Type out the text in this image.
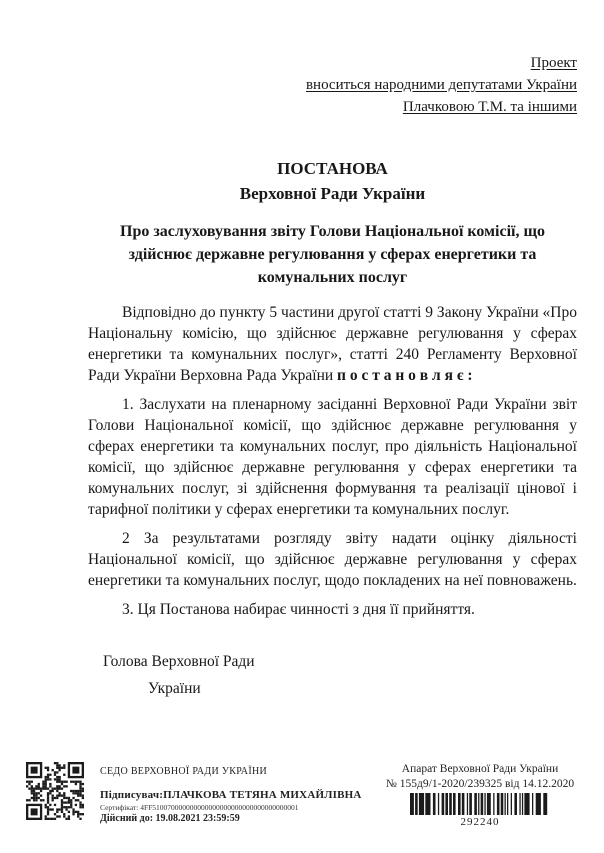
Проект
вноситься народними депутатами України
Плачковою Т.М. та іншими
ПОСТАНОВА
Верховної Ради України
Про заслуховування звіту Голови Національної комісії, що здійснює державне регулювання у сферах енергетики та комунальних послуг

Відповідно до пункту 5 частини другої статті 9 Закону України «Про Національну комісію, що здійснює державне регулювання у сферах енергетики та комунальних послуг», статті 240 Регламенту Верховної Ради України Верховна Рада України п о с т а н о в л я є :

1. Заслухати на пленарному засіданні Верховної Ради України звіт Голови Національної комісії, що здійснює державне регулювання у сферах енергетики та комунальних послуг, про діяльність Національної комісії, що здійснює державне регулювання у сферах енергетики та комунальних послуг, зі здійснення формування та реалізації цінової і тарифної політики у сферах енергетики та комунальних послуг.

2 За результатами розгляду звіту надати оцінку діяльності Національної комісії, що здійснює державне регулювання у сферах енергетики та комунальних послуг, щодо покладених на неї повноважень.

3. Ця Постанова набирає чинності з дня її прийняття.

Голова Верховної Ради
України
СЕДО ВЕРХОВНОЇ РАДИ УКРАЇНИ
Підписувач:ПЛАЧКОВА ТЕТЯНА МИХАЙЛІВНА
Сертифікат: 4FF510070000000000000000000000000000000001
Дійсний до: 19.08.2021 23:59:59
Апарат Верховної Ради України
№ 155д9/1-2020/239325 від 14.12.2020
292240
